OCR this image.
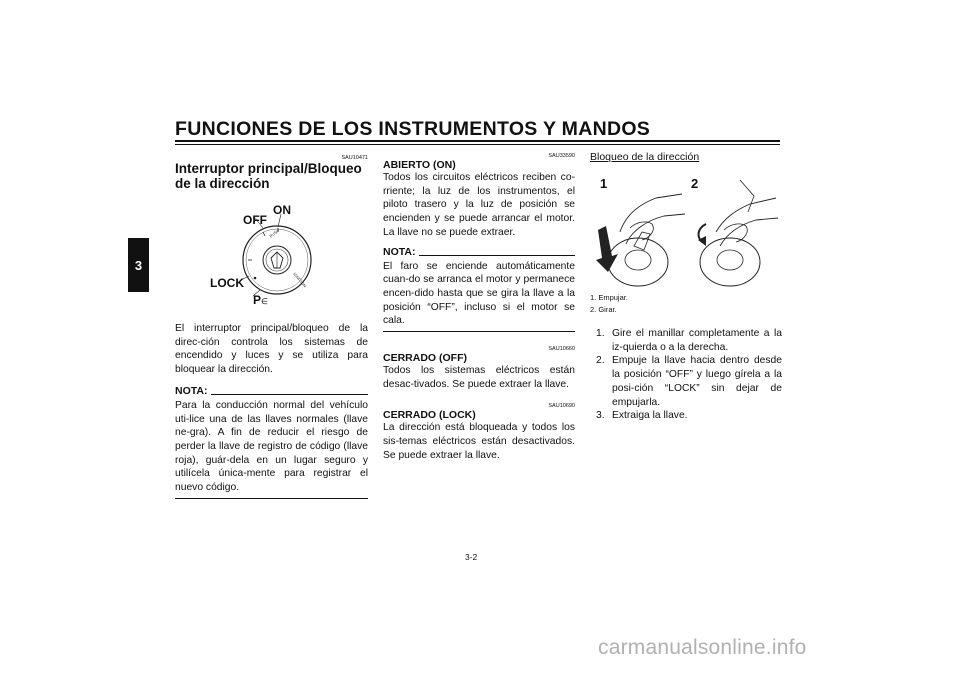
FUNCIONES DE LOS INSTRUMENTOS Y MANDOS
3
SAU10471
Interruptor principal/Bloqueo de la dirección
PUSH
IGNITION
ON
OFF
LOCK
P∈
El interruptor principal/bloqueo de la direc-ción controla los sistemas de encendido y luces y se utiliza para bloquear la dirección.
NOTA:
Para la conducción normal del vehículo uti-lice una de las llaves normales (llave ne-gra). A fin de reducir el riesgo de perder la llave de registro de código (llave roja), guár-dela en un lugar seguro y utilícela única-mente para registrar el nuevo código.
SAU33590
ABIERTO (ON)
Todos los circuitos eléctricos reciben co-rriente; la luz de los instrumentos, el piloto trasero y la luz de posición se encienden y se puede arrancar el motor. La llave no se puede extraer.
NOTA:
El faro se enciende automáticamente cuan-do se arranca el motor y permanece encen-dido hasta que se gira la llave a la posición “OFF”, incluso si el motor se cala.
SAU10660
CERRADO (OFF)
Todos los sistemas eléctricos están desac-tivados. Se puede extraer la llave.
SAU10690
CERRADO (LOCK)
La dirección está bloqueada y todos los sis-temas eléctricos están desactivados. Se puede extraer la llave.
Bloqueo de la dirección
1	2
1. Empujar.
2. Girar.
1. Gire el manillar completamente a la iz-quierda o a la derecha.
2. Empuje la llave hacia dentro desde la posición “OFF” y luego gírela a la posi-ción “LOCK” sin dejar de empujarla.
3. Extraiga la llave.
3-2
carmanualsonline.info
